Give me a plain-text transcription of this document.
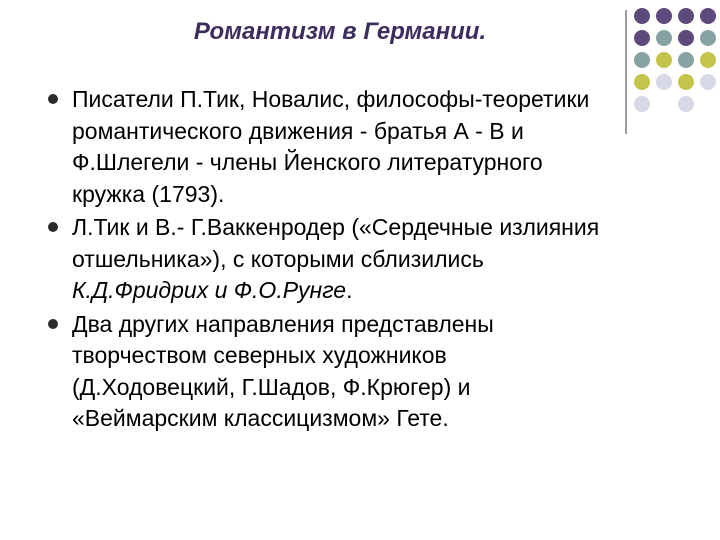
Романтизм в Германии.
Писатели П.Тик, Новалис, философы-теоретики романтического движения - братья А - В и Ф.Шлегели - члены Йенского литературного кружка (1793).
Л.Тик и В.- Г.Ваккенродер («Сердечные излияния отшельника»), с которыми сблизились К.Д.Фридрих и Ф.О.Рунге.
Два других направления представлены творчеством северных художников (Д.Ходовецкий, Г.Шадов, Ф.Крюгер) и «Веймарским классицизмом» Гете.
